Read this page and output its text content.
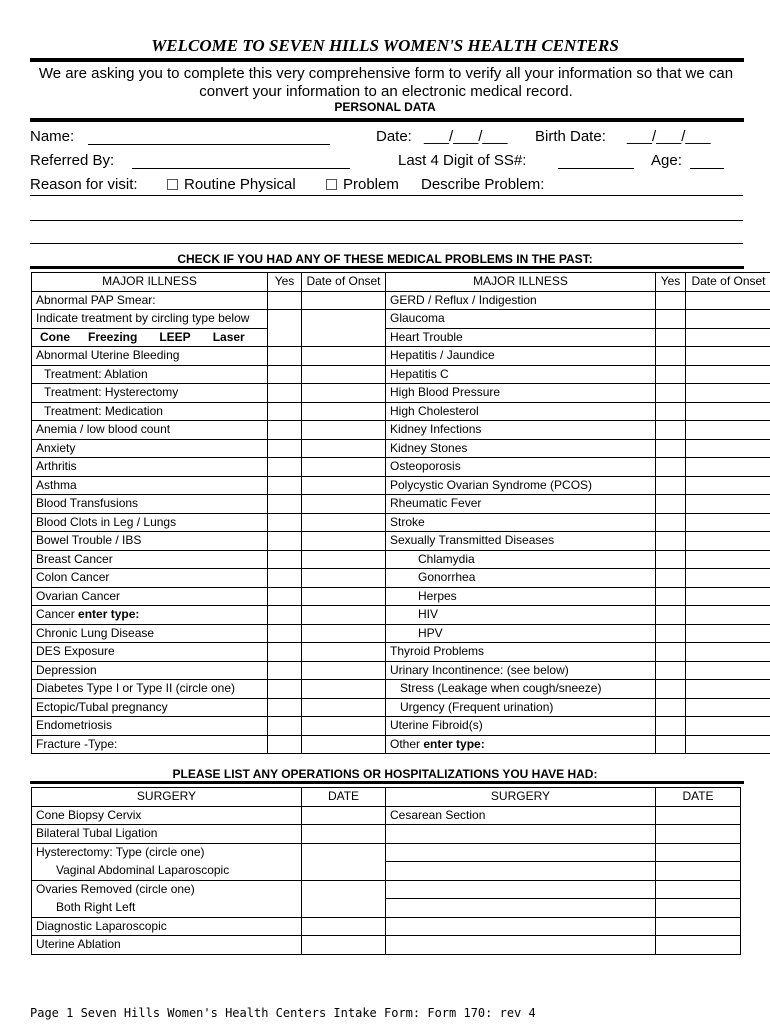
WELCOME TO SEVEN HILLS WOMEN'S HEALTH CENTERS
We are asking you to complete this very comprehensive form to verify all your information so that we can convert your information to an electronic medical record.
PERSONAL DATA
Name:	Date: ___/___/___ Birth Date: ___/___/___
Referred By:	Last 4 Digit of SS#:	Age:
Reason for visit:	Routine Physical	Problem Describe Problem:
CHECK IF YOU HAD ANY OF THESE MEDICAL PROBLEMS IN THE PAST:
MAJOR ILLNESS	Yes	Date of Onset	MAJOR ILLNESS	Yes	Date of Onset
Abnormal PAP Smear:			GERD / Reflux / Indigestion		
Indicate treatment by circling type below			Glaucoma		
Cone Freezing LEEP Laser			Heart Trouble		
Abnormal Uterine Bleeding			Hepatitis / Jaundice		
Treatment: Ablation			Hepatitis C		
Treatment: Hysterectomy			High Blood Pressure		
Treatment: Medication			High Cholesterol		
Anemia / low blood count			Kidney Infections		
Anxiety			Kidney Stones		
Arthritis			Osteoporosis		
Asthma			Polycystic Ovarian Syndrome (PCOS)		
Blood Transfusions			Rheumatic Fever		
Blood Clots in Leg / Lungs			Stroke		
Bowel Trouble / IBS			Sexually Transmitted Diseases		
Breast Cancer			Chlamydia		
Colon Cancer			Gonorrhea		
Ovarian Cancer			Herpes		
Cancer enter type:			HIV		
Chronic Lung Disease			HPV		
DES Exposure			Thyroid Problems		
Depression			Urinary Incontinence: (see below)		
Diabetes Type I or Type II (circle one)			Stress (Leakage when cough/sneeze)		
Ectopic/Tubal pregnancy			Urgency (Frequent urination)		
Endometriosis			Uterine Fibroid(s)		
Fracture -Type:			Other enter type:		
PLEASE LIST ANY OPERATIONS OR HOSPITALIZATIONS YOU HAVE HAD:
SURGERY	DATE	SURGERY	DATE
Cone Biopsy Cervix		Cesarean Section	
Bilateral Tubal Ligation			
Hysterectomy: Type (circle one)			
Vaginal Abdominal Laparoscopic			
Ovaries Removed (circle one)			
Both Right Left			
Diagnostic Laparoscopic			
Uterine Ablation			
Page 1 Seven Hills Women's Health Centers Intake Form: Form 170: rev 4
